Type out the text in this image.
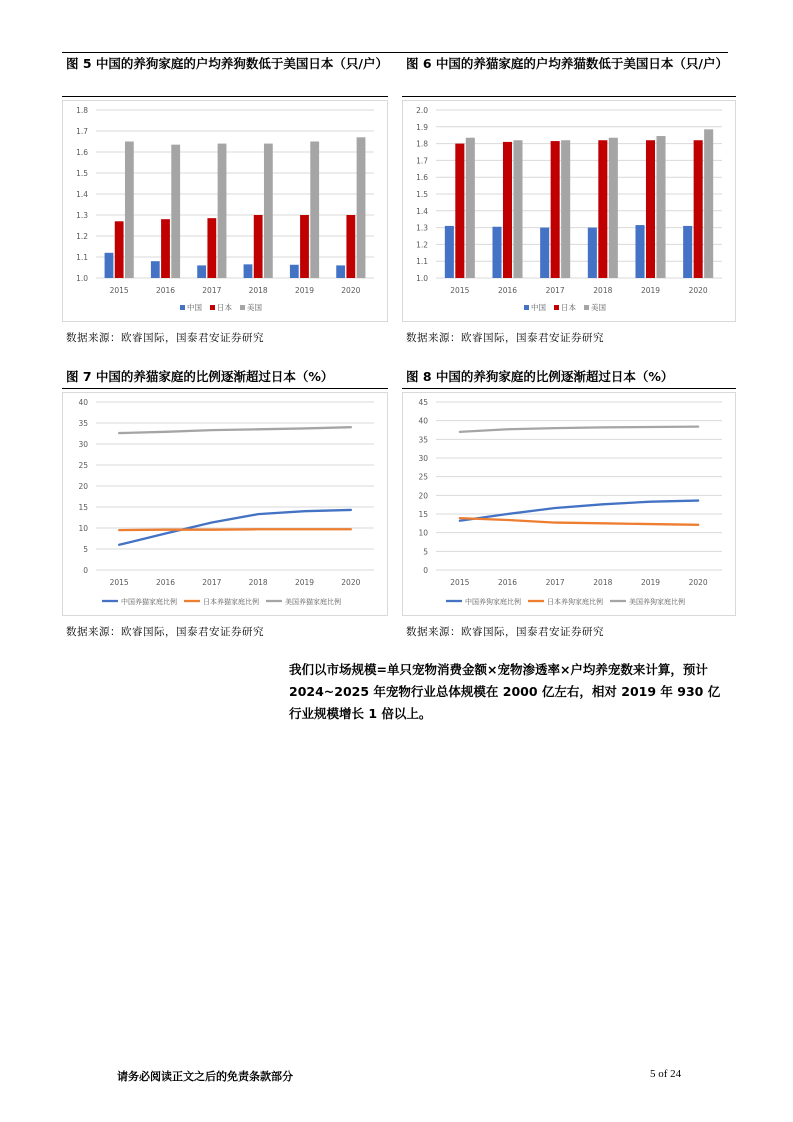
图 5 中国的养狗家庭的户均养狗数低于美国日本（只/户）
1.0
1.1
1.2
1.3
1.4
1.5
1.6
1.7
1.8
2015	2016	2017	2018	2019	2020
中国 日本 美国
数据来源：欧睿国际，国泰君安证券研究
图 6 中国的养猫家庭的户均养猫数低于美国日本（只/户）
1.0
1.1
1.2
1.3
1.4
1.5
1.6
1.7
1.8
1.9
2.0
2015	2016	2017	2018	2019	2020
中国 日本 美国
数据来源：欧睿国际，国泰君安证券研究
图 7 中国的养猫家庭的比例逐渐超过日本（%）
0
5
10
15
20
25
30
35
40
2015	2016	2017	2018	2019	2020
中国养猫家庭比例	日本养猫家庭比例	美国养猫家庭比例
数据来源：欧睿国际，国泰君安证券研究
图 8 中国的养狗家庭的比例逐渐超过日本（%）
0
5
10
15
20
25
30
35
40
45
2015	2016	2017	2018	2019	2020
中国养狗家庭比例	日本养狗家庭比例	美国养狗家庭比例
数据来源：欧睿国际，国泰君安证券研究
我们以市场规模=单只宠物消费金额×宠物渗透率×户均养宠数来计算，预计 2024~2025 年宠物行业总体规模在 2000 亿左右，相对 2019 年 930 亿行业规模增长 1 倍以上。
请务必阅读正文之后的免责条款部分	5 of 24
